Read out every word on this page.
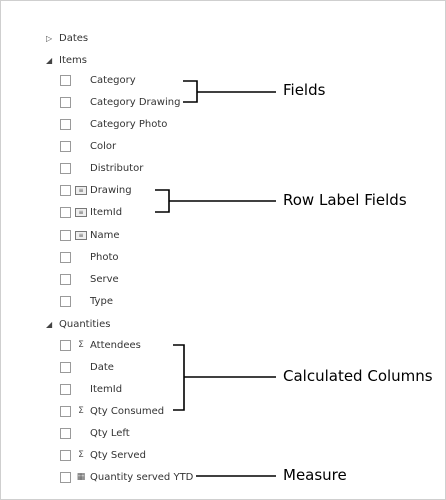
▷ Dates
◢ Items
◢ Quantities
Category
Category Drawing
Category Photo
Color
Distributor
≡ Drawing
≡ ItemId
≡ Name
Photo
Serve
Type
Σ Attendees
Date
ItemId
Σ Qty Consumed
Qty Left
Σ Qty Served
▦ Quantity served YTD
Fields
Row Label Fields
Calculated Columns
Measure
